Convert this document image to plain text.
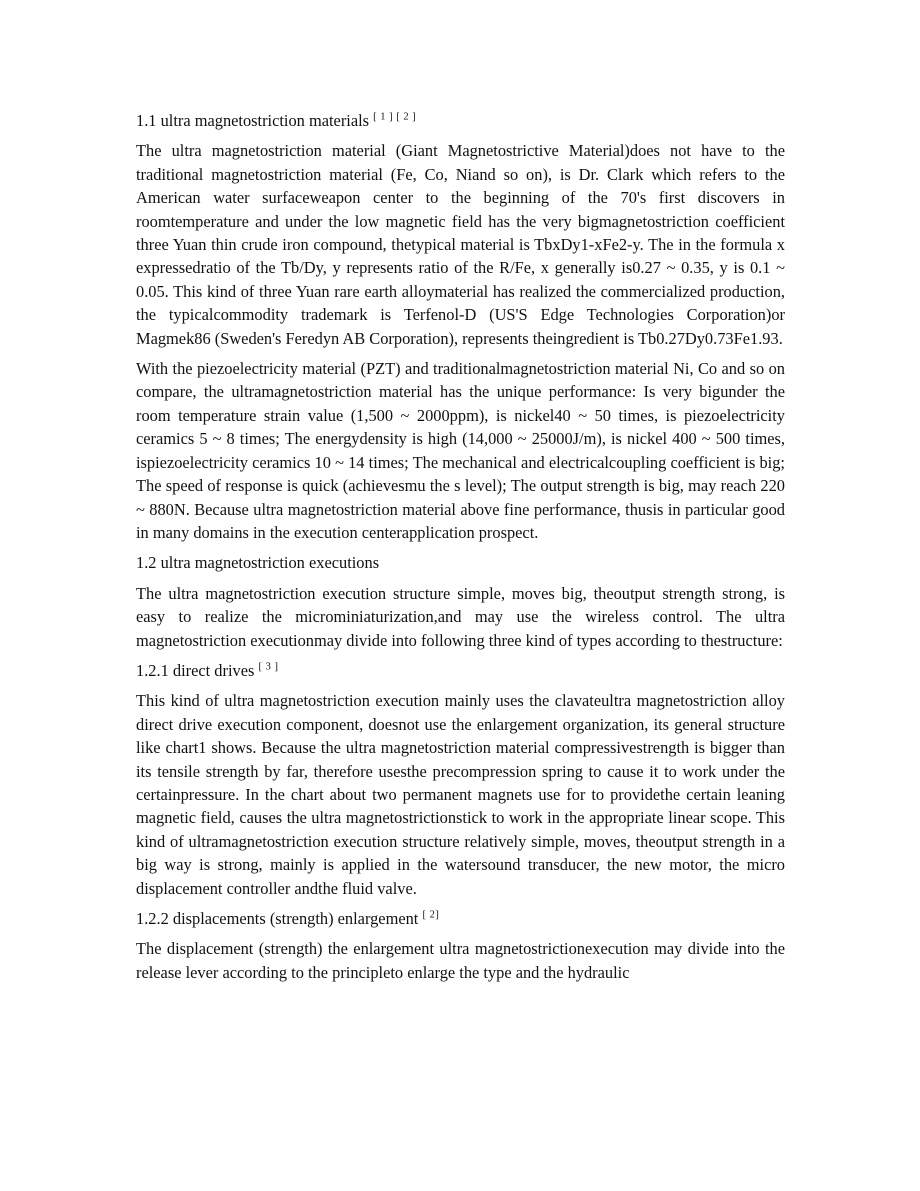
1.1 ultra magnetostriction materials [ 1 ] [ 2 ]

The ultra magnetostriction material (Giant Magnetostrictive Material)does not have to the traditional magnetostriction material (Fe, Co, Niand so on), is Dr. Clark which refers to the American water surfaceweapon center to the beginning of the 70's first discovers in roomtemperature and under the low magnetic field has the very bigmagnetostriction coefficient three Yuan thin crude iron compound, thetypical material is TbxDy1-xFe2-y. The in the formula x expressedratio of the Tb/Dy, y represents ratio of the R/Fe, x generally is0.27 ~ 0.35, y is 0.1 ~ 0.05. This kind of three Yuan rare earth alloymaterial has realized the commercialized production, the typicalcommodity trademark is Terfenol-D (US'S Edge Technologies Corporation)or Magmek86 (Sweden's Feredyn AB Corporation), represents theingredient is Tb0.27Dy0.73Fe1.93.

With the piezoelectricity material (PZT) and traditionalmagnetostriction material Ni, Co and so on compare, the ultramagnetostriction material has the unique performance: Is very bigunder the room temperature strain value (1,500 ~ 2000ppm), is nickel40 ~ 50 times, is piezoelectricity ceramics 5 ~ 8 times; The energydensity is high (14,000 ~ 25000J/m), is nickel 400 ~ 500 times, ispiezoelectricity ceramics 10 ~ 14 times; The mechanical and electricalcoupling coefficient is big; The speed of response is quick (achievesmu the s level); The output strength is big, may reach 220 ~ 880N. Because ultra magnetostriction material above fine performance, thusis in particular good in many domains in the execution centerapplication prospect.

1.2 ultra magnetostriction executions

The ultra magnetostriction execution structure simple, moves big, theoutput strength strong, is easy to realize the microminiaturization,and may use the wireless control. The ultra magnetostriction executionmay divide into following three kind of types according to thestructure:

1.2.1 direct drives [ 3 ]

This kind of ultra magnetostriction execution mainly uses the clavateultra magnetostriction alloy direct drive execution component, doesnot use the enlargement organization, its general structure like chart1 shows. Because the ultra magnetostriction material compressivestrength is bigger than its tensile strength by far, therefore usesthe precompression spring to cause it to work under the certainpressure. In the chart about two permanent magnets use for to providethe certain leaning magnetic field, causes the ultra magnetostrictionstick to work in the appropriate linear scope. This kind of ultramagnetostriction execution structure relatively simple, moves, theoutput strength in a big way is strong, mainly is applied in the watersound transducer, the new motor, the micro displacement controller andthe fluid valve.

1.2.2 displacements (strength) enlargement [ 2]

The displacement (strength) the enlargement ultra magnetostrictionexecution may divide into the release lever according to the principleto enlarge the type and the hydraulic
